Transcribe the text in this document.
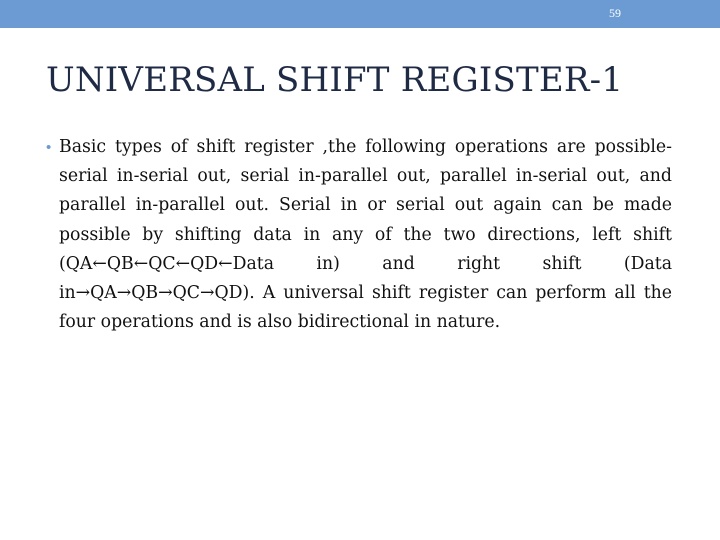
59
UNIVERSAL SHIFT REGISTER-1
• Basic types of shift register ,the following operations are possible-serial in-serial out, serial in-parallel out, parallel in-serial out, and parallel in-parallel out. Serial in or serial out again can be made possible by shifting data in any of the two directions, left shift (QA←QB←QC←QD←Data in) and right shift (Data in→QA→QB→QC→QD). A universal shift register can perform all the four operations and is also bidirectional in nature.
